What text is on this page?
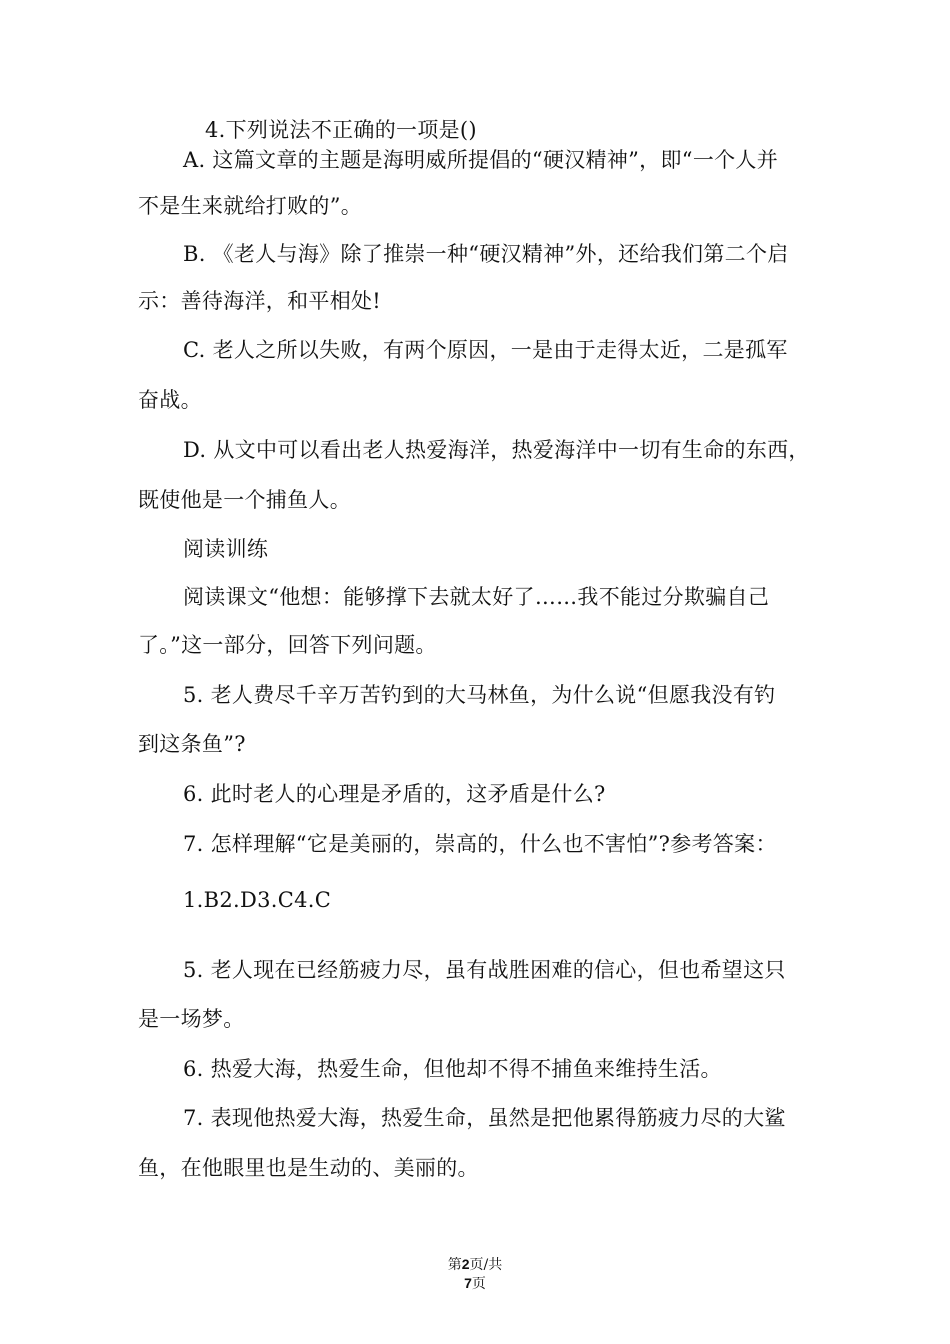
4.下列说法不正确的一项是()
A. 这篇文章的主题是海明威所提倡的“硬汉精神”，即“一个人并
不是生来就给打败的”。
B. 《老人与海》除了推崇一种“硬汉精神”外，还给我们第二个启
示：善待海洋，和平相处!
C. 老人之所以失败，有两个原因，一是由于走得太近，二是孤军
奋战。
D. 从文中可以看出老人热爱海洋，热爱海洋中一切有生命的东西，
既使他是一个捕鱼人。
阅读训练
阅读课文“他想：能够撑下去就太好了……我不能过分欺骗自己
了。”这一部分，回答下列问题。
5. 老人费尽千辛万苦钓到的大马林鱼，为什么说“但愿我没有钓
到这条鱼”?
6. 此时老人的心理是矛盾的，这矛盾是什么?
7. 怎样理解“它是美丽的，崇高的，什么也不害怕”?参考答案：
1.B2.D3.C4.C
5. 老人现在已经筋疲力尽，虽有战胜困难的信心，但也希望这只
是一场梦。
6. 热爱大海，热爱生命，但他却不得不捕鱼来维持生活。
7. 表现他热爱大海，热爱生命，虽然是把他累得筋疲力尽的大鲨
鱼，在他眼里也是生动的、美丽的。
第2页/共
7页
